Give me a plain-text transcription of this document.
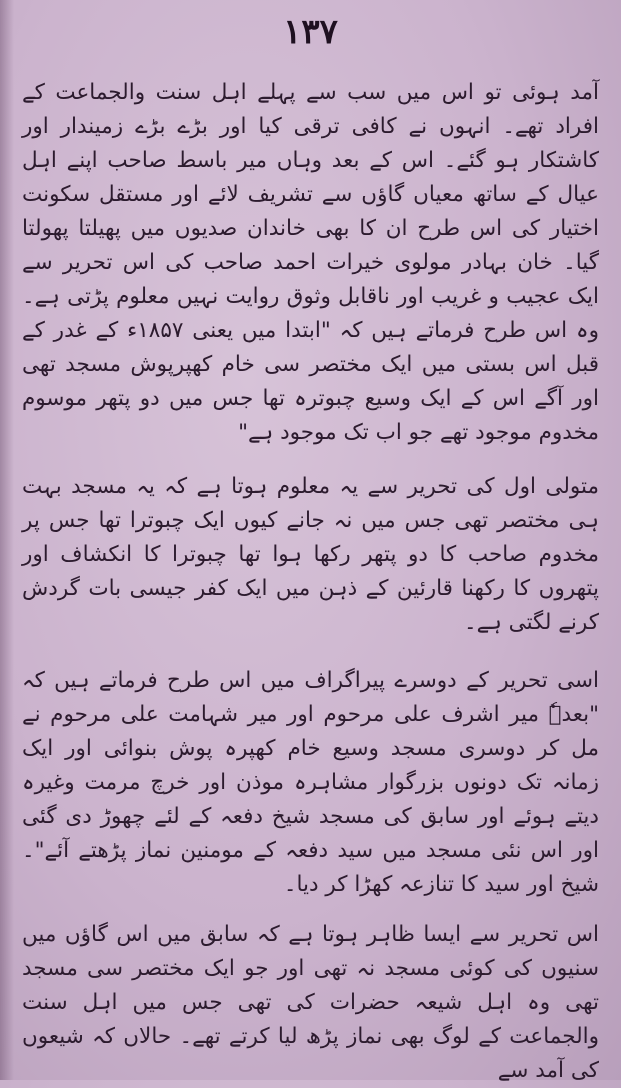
۱۳۷

آمد ہوئی تو اس میں سب سے پہلے اہل سنت والجماعت کے افراد تھے۔ انہوں نے کافی ترقی کیا اور بڑے بڑے زمیندار اور کاشتکار ہو گئے۔ اس کے بعد وہاں میر باسط صاحب اپنے اہل عیال کے ساتھ معیاں گاؤں سے تشریف لائے اور مستقل سکونت اختیار کی اس طرح ان کا بھی خاندان صدیوں میں پھیلتا پھولتا گیا۔ خان بہادر مولوی خیرات احمد صاحب کی اس تحریر سے ایک عجیب و غریب اور ناقابل وثوق روایت نہیں معلوم پڑتی ہے۔ وہ اس طرح فرماتے ہیں کہ "ابتدا میں یعنی ۱۸۵۷ء کے غدر کے قبل اس بستی میں ایک مختصر سی خام کھپرپوش مسجد تھی اور آگے اس کے ایک وسیع چبوترہ تھا جس میں دو پتھر موسوم مخدوم موجود تھے جو اب تک موجود ہے"

متولی اول کی تحریر سے یہ معلوم ہوتا ہے کہ یہ مسجد بہت ہی مختصر تھی جس میں نہ جانے کیوں ایک چبوترا تھا جس پر مخدوم صاحب کا دو پتھر رکھا ہوا تھا چبوترا کا انکشاف اور پتھروں کا رکھنا قارئین کے ذہن میں ایک کفر جیسی بات گردش کرنے لگتی ہے۔

اسی تحریر کے دوسرے پیراگراف میں اس طرح فرماتے ہیں کہ "بعدہٗ میر اشرف علی مرحوم اور میر شہامت علی مرحوم نے مل کر دوسری مسجد وسیع خام کھپرہ پوش بنوائی اور ایک زمانہ تک دونوں بزرگوار مشاہرہ موذن اور خرچ مرمت وغیرہ دیتے ہوئے اور سابق کی مسجد شیخ دفعہ کے لئے چھوڑ دی گئی اور اس نئی مسجد میں سید دفعہ کے مومنین نماز پڑھتے آئے"۔ شیخ اور سید کا تنازعہ کھڑا کر دیا۔

اس تحریر سے ایسا ظاہر ہوتا ہے کہ سابق میں اس گاؤں میں سنیوں کی کوئی مسجد نہ تھی اور جو ایک مختصر سی مسجد تھی وہ اہل شیعہ حضرات کی تھی جس میں اہل سنت والجماعت کے لوگ بھی نماز پڑھ لیا کرتے تھے۔ حالاں کہ شیعوں کی آمد سے
